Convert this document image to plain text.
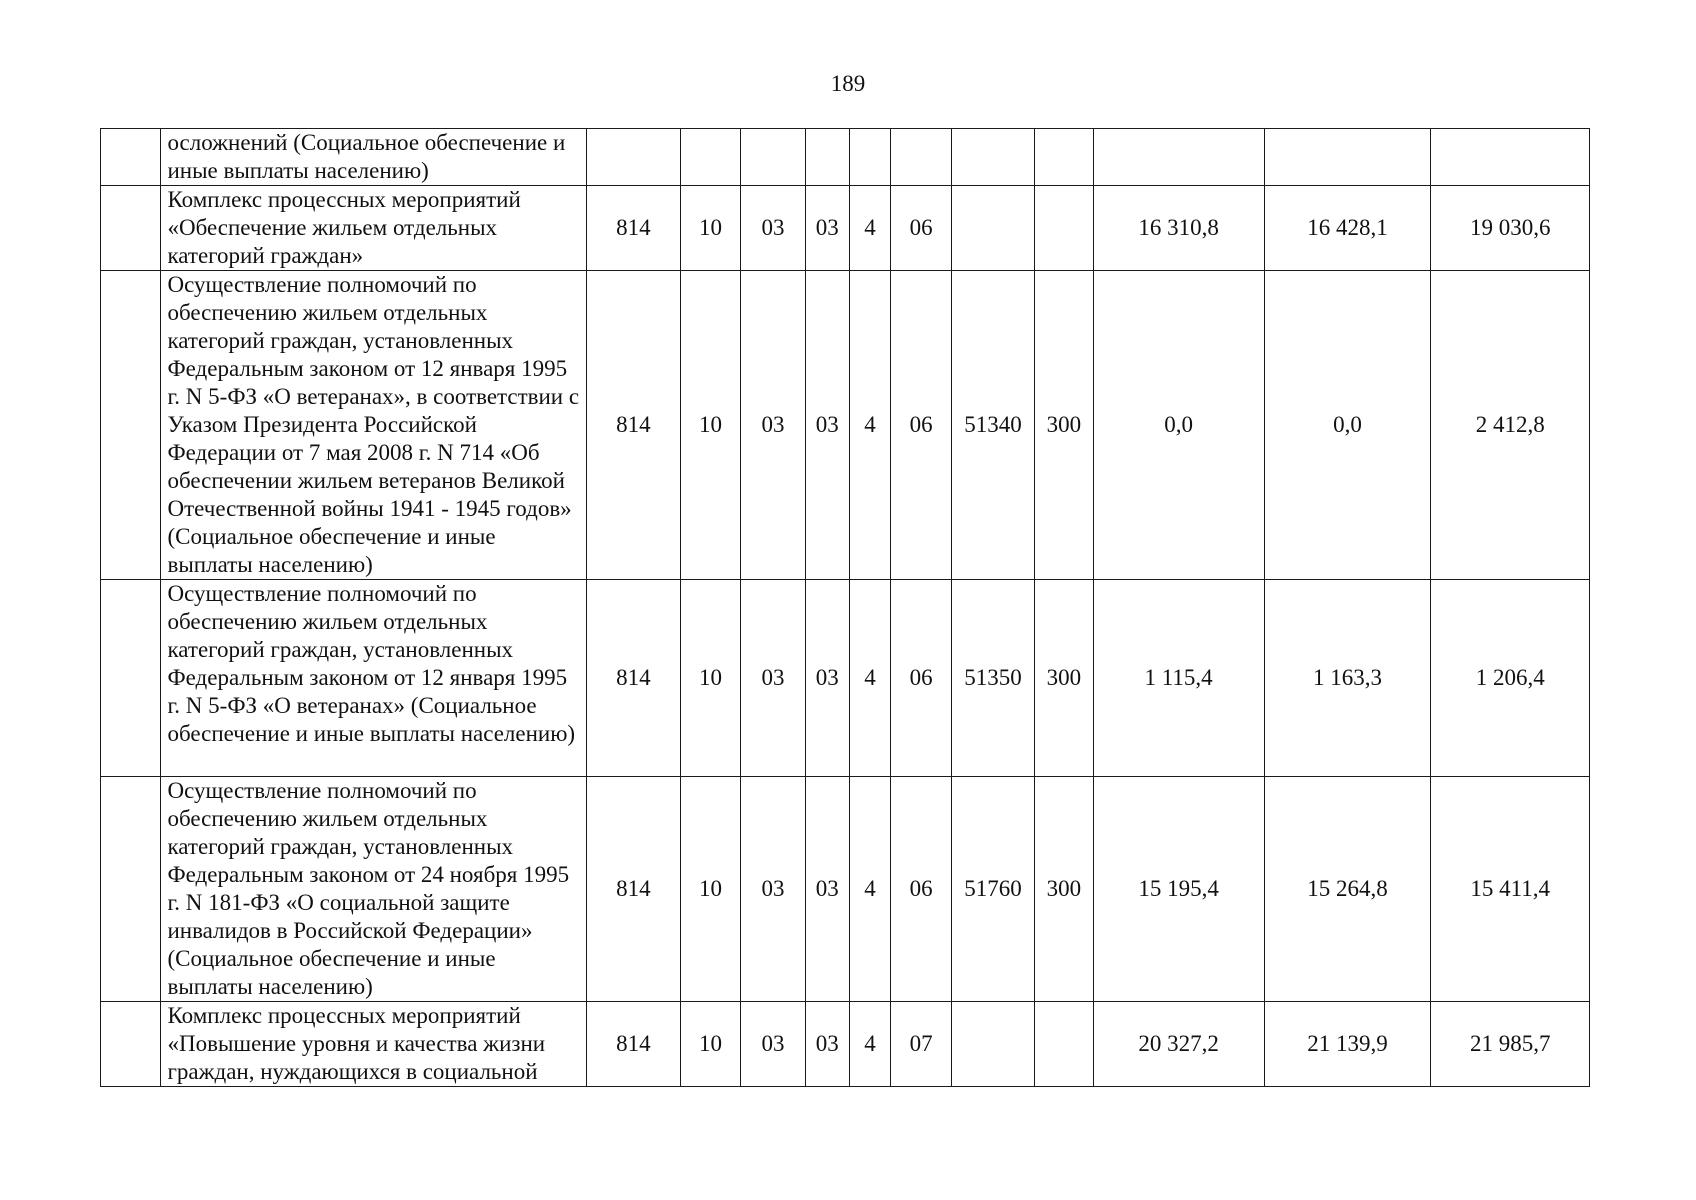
189
	осложнений (Социальное обеспечение и иные выплаты населению)											
	Комплекс процессных мероприятий «Обеспечение жильем отдельных категорий граждан»	814	10	03	03	4	06			16 310,8	16 428,1	19 030,6
	Осуществление полномочий по обеспечению жильем отдельных категорий граждан, установленных Федеральным законом от 12 января 1995 г. N 5-ФЗ «О ветеранах», в соответствии с Указом Президента Российской Федерации от 7 мая 2008 г. N 714 «Об обеспечении жильем ветеранов Великой Отечественной войны 1941 - 1945 годов» (Социальное обеспечение и иные выплаты населению)	814	10	03	03	4	06	51340	300	0,0	0,0	2 412,8
	Осуществление полномочий по обеспечению жильем отдельных категорий граждан, установленных Федеральным законом от 12 января 1995 г. N 5-ФЗ «О ветеранах» (Социальное обеспечение и иные выплаты населению)	814	10	03	03	4	06	51350	300	1 115,4	1 163,3	1 206,4
	Осуществление полномочий по обеспечению жильем отдельных категорий граждан, установленных Федеральным законом от 24 ноября 1995 г. N 181-ФЗ «О социальной защите инвалидов в Российской Федерации» (Социальное обеспечение и иные выплаты населению)	814	10	03	03	4	06	51760	300	15 195,4	15 264,8	15 411,4
	Комплекс процессных мероприятий «Повышение уровня и качества жизни граждан, нуждающихся в социальной	814	10	03	03	4	07			20 327,2	21 139,9	21 985,7
